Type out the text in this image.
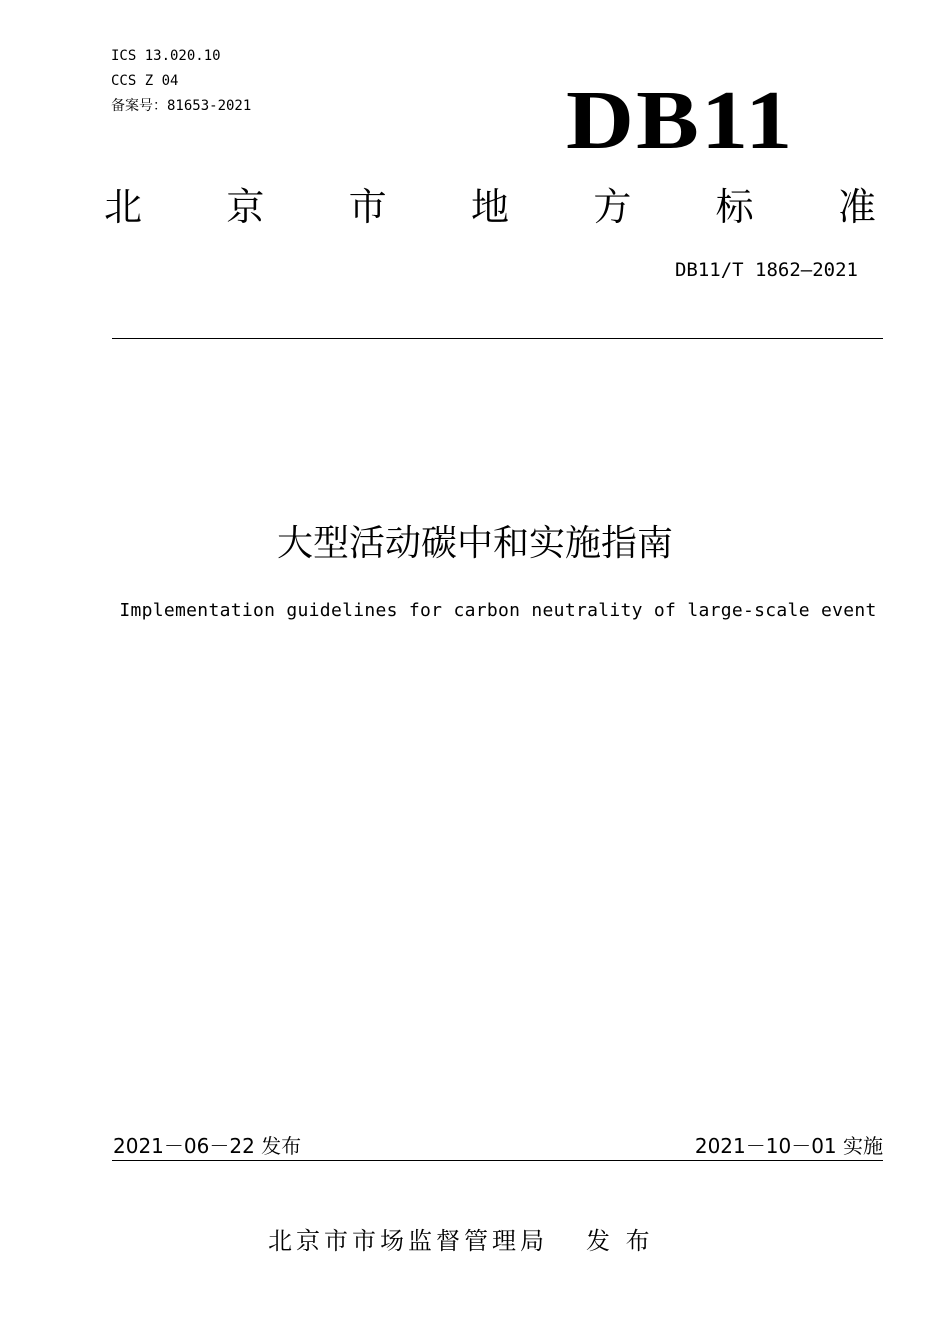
ICS 13.020.10
CCS Z 04
备案号：81653-2021	DB11
北 京 市 地 方 标 准
DB11/T 1862—2021
大型活动碳中和实施指南
Implementation guidelines for carbon neutrality of large-scale event
2021－06－22 发布	2021－10－01 实施
北京市市场监督管理局 发 布
